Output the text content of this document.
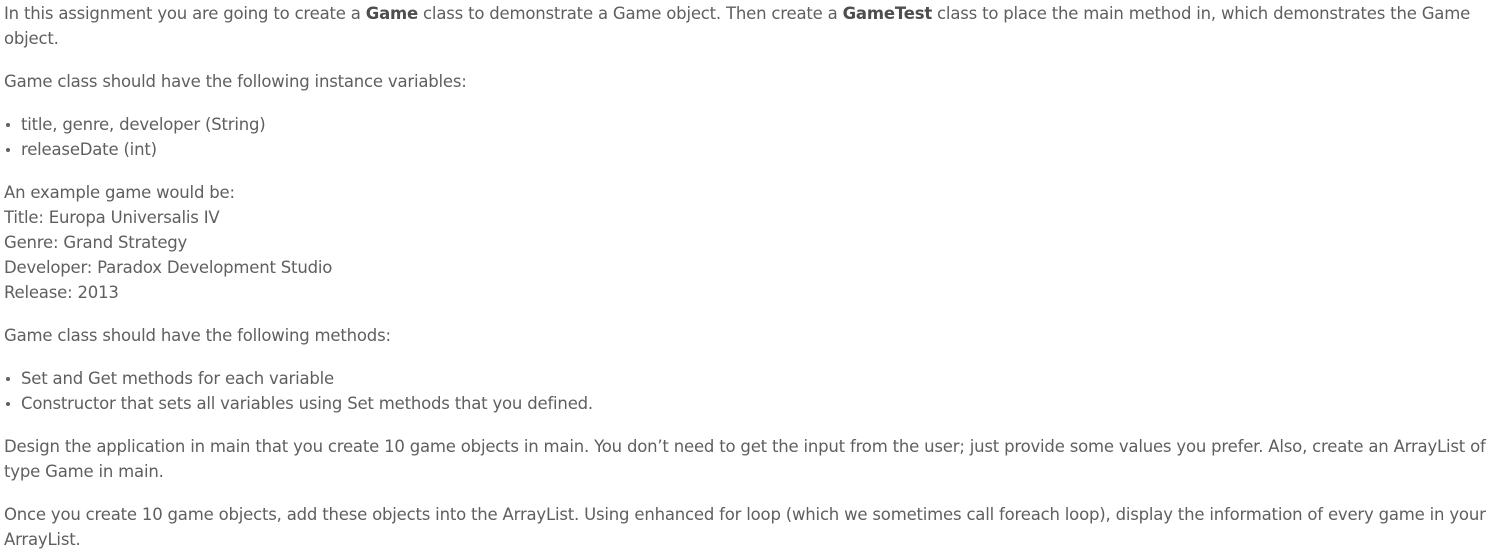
In this assignment you are going to create a Game class to demonstrate a Game object. Then create a GameTest class to place the main method in, which demonstrates the Game object.

Game class should have the following instance variables:

title, genre, developer (String)
releaseDate (int)

An example game would be:
Title: Europa Universalis IV
Genre: Grand Strategy
Developer: Paradox Development Studio
Release: 2013

Game class should have the following methods:

Set and Get methods for each variable
Constructor that sets all variables using Set methods that you defined.

Design the application in main that you create 10 game objects in main. You don’t need to get the input from the user; just provide some values you prefer. Also, create an ArrayList of type Game in main.

Once you create 10 game objects, add these objects into the ArrayList. Using enhanced for loop (which we sometimes call foreach loop), display the information of every game in your ArrayList.
